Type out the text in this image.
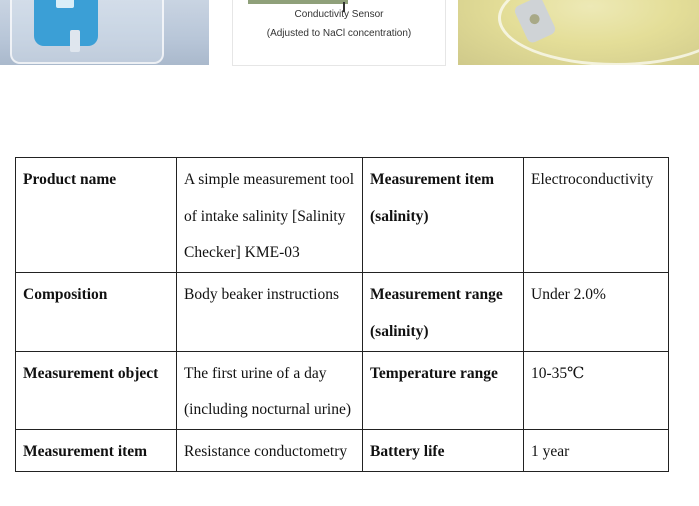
Conductivity Sensor
(Adjusted to NaCl concentration)
Product name	A simple measurement tool of intake salinity [Salinity Checker] KME-03	Measurement item (salinity)	Electroconductivity
Composition	Body beaker instructions	Measurement range (salinity)	Under 2.0%
Measurement object	The first urine of a day (including nocturnal urine)	Temperature range	10-35℃
Measurement item	Resistance conductometry	Battery life	1 year
